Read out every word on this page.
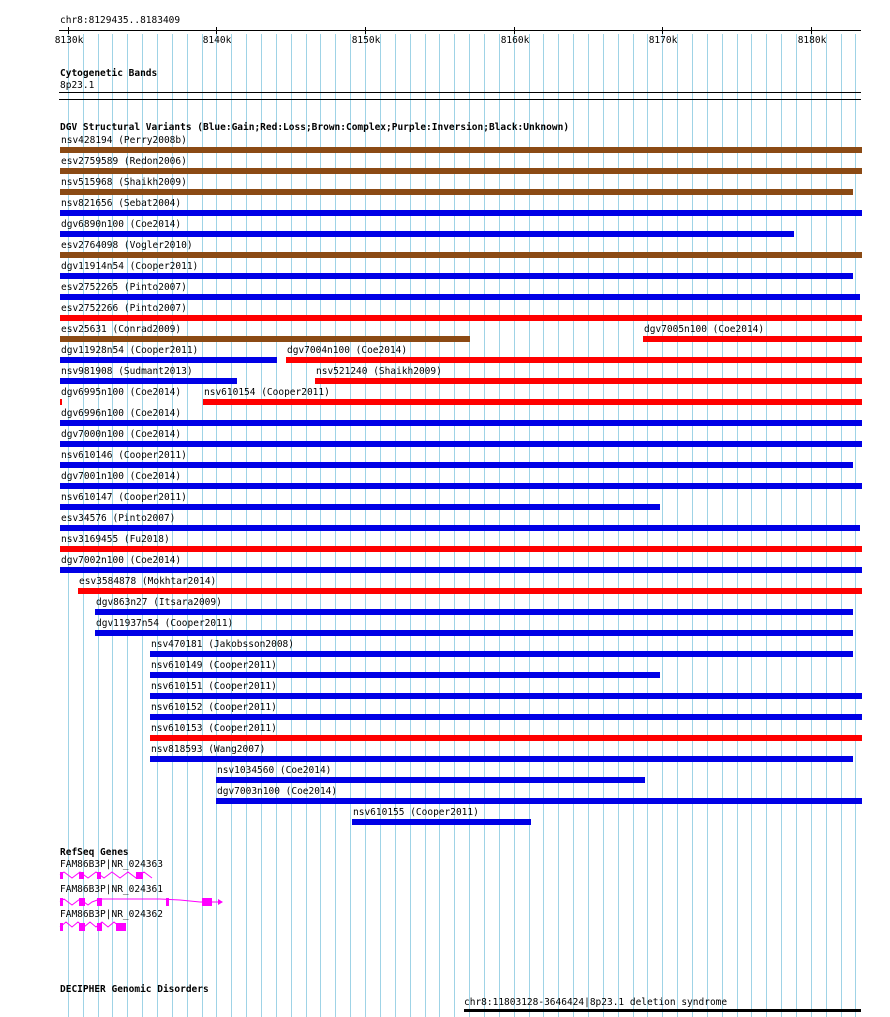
chr8:8129435..8183409
8130k	8140k	8150k	8160k	8170k	8180k
Cytogenetic Bands
8p23.1
DGV Structural Variants (Blue:Gain;Red:Loss;Brown:Complex;Purple:Inversion;Black:Unknown)
nsv428194 (Perry2008b)
esv2759589 (Redon2006)
nsv515968 (Shaikh2009)
nsv821656 (Sebat2004)
dgv6890n100 (Coe2014)
esv2764098 (Vogler2010)
dgv11914n54 (Cooper2011)
esv2752265 (Pinto2007)
esv2752266 (Pinto2007)
esv25631 (Conrad2009)	dgv7005n100 (Coe2014)
dgv11928n54 (Cooper2011)	dgv7004n100 (Coe2014)
nsv981908 (Sudmant2013)	nsv521240 (Shaikh2009)
dgv6995n100 (Coe2014) nsv610154 (Cooper2011)
dgv6996n100 (Coe2014)
dgv7000n100 (Coe2014)
nsv610146 (Cooper2011)
dgv7001n100 (Coe2014)
nsv610147 (Cooper2011)
esv34576 (Pinto2007)
nsv3169455 (Fu2018)
dgv7002n100 (Coe2014)
esv3584878 (Mokhtar2014)
dgv863n27 (Itsara2009)
dgv11937n54 (Cooper2011)
nsv470181 (Jakobsson2008)
nsv610149 (Cooper2011)
nsv610151 (Cooper2011)
nsv610152 (Cooper2011)
nsv610153 (Cooper2011)
nsv818593 (Wang2007)
nsv1034560 (Coe2014)
dgv7003n100 (Coe2014)
nsv610155 (Cooper2011)
RefSeq Genes
FAM86B3P|NR_024363
FAM86B3P|NR_024361
FAM86B3P|NR_024362
DECIPHER Genomic Disorders
chr8:11803128-3646424|8p23.1 deletion syndrome
